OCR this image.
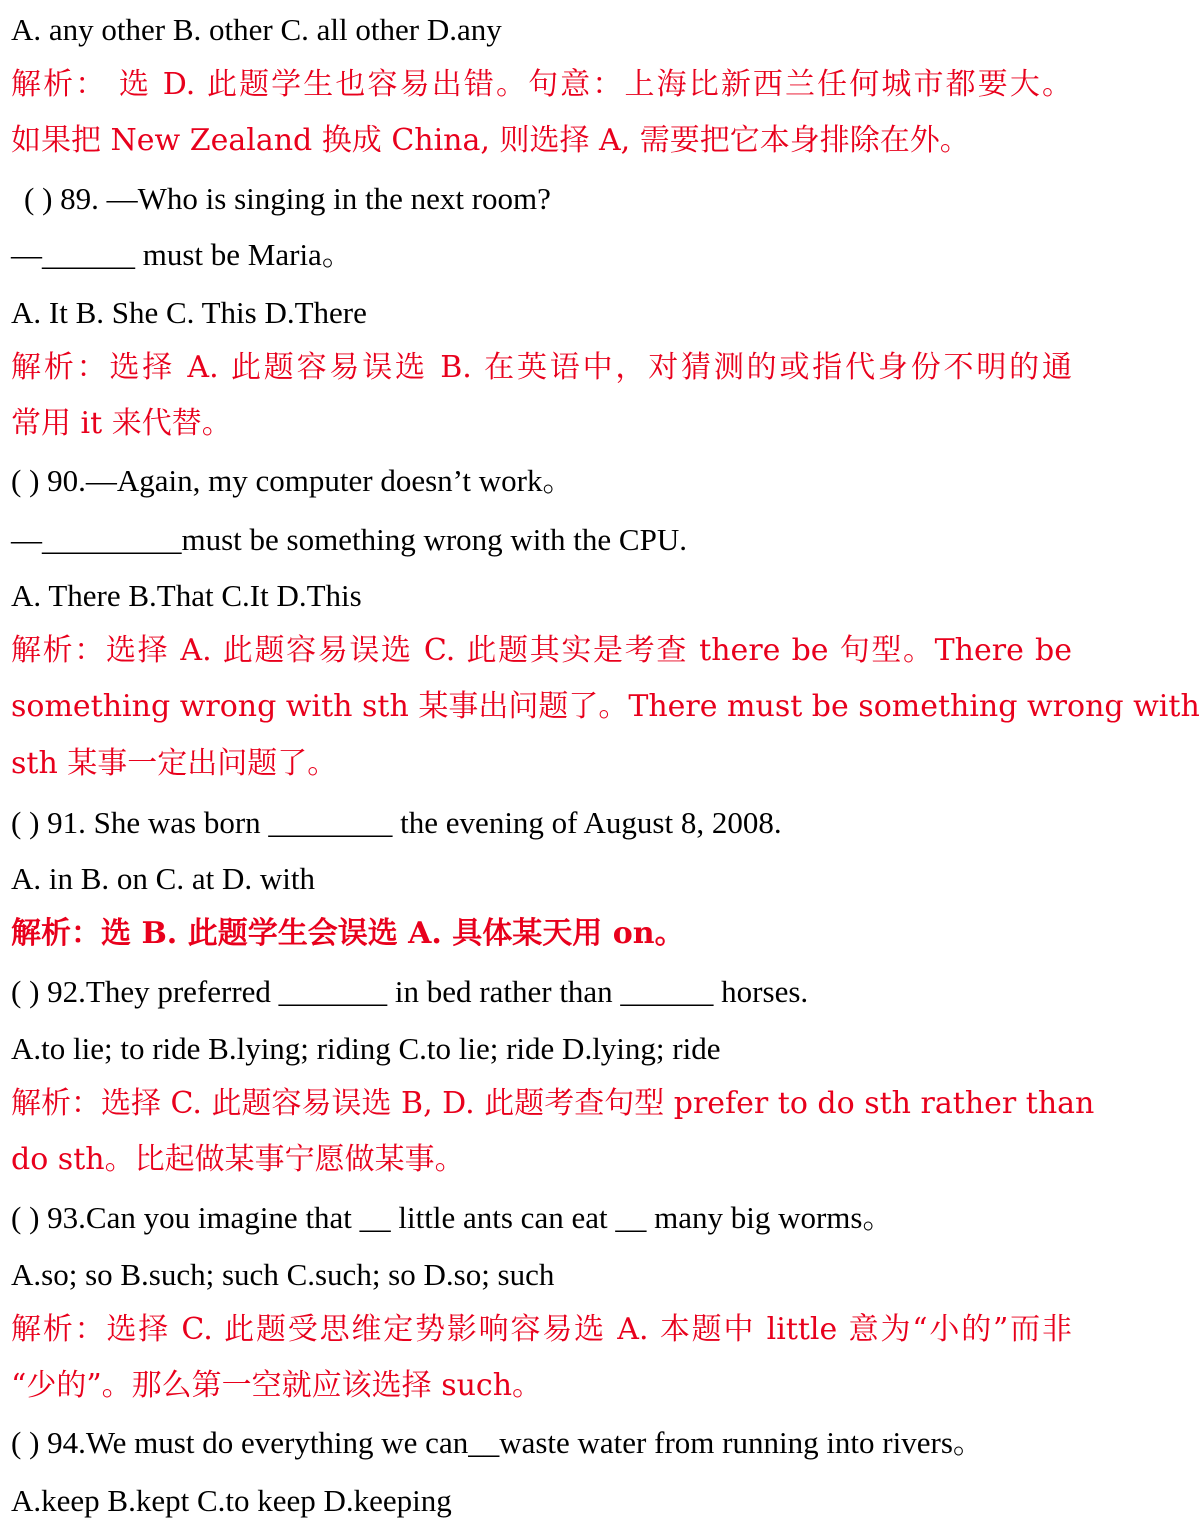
A. any other B. other C. all other D.any
解析： 选 D. 此题学生也容易出错。句意：上海比新西兰任何城市都要大。
如果把 New Zealand 换成 China, 则选择 A, 需要把它本身排除在外。
( ) 89. —Who is singing in the next room?
—______ must be Maria。
A. It B. She C. This D.There
解析：选择 A. 此题容易误选 B. 在英语中，对猜测的或指代身份不明的通
常用 it 来代替。
( ) 90.—Again, my computer doesn’t work。
—_________must be something wrong with the CPU.
A. There B.That C.It D.This
解析：选择 A. 此题容易误选 C. 此题其实是考查 there be 句型。There be
something wrong with sth 某事出问题了。There must be something wrong with
sth 某事一定出问题了。
( ) 91. She was born ________ the evening of August 8, 2008.
A. in B. on C. at D. with
解析：选 B. 此题学生会误选 A. 具体某天用 on。
( ) 92.They preferred _______ in bed rather than ______ horses.
A.to lie; to ride B.lying; riding C.to lie; ride D.lying; ride
解析：选择 C. 此题容易误选 B, D. 此题考查句型 prefer to do sth rather than
do sth。比起做某事宁愿做某事。
( ) 93.Can you imagine that __ little ants can eat __ many big worms。
A.so; so B.such; such C.such; so D.so; such
解析：选择 C. 此题受思维定势影响容易选 A. 本题中 little 意为“小的”而非
“少的”。那么第一空就应该选择 such。
( ) 94.We must do everything we can__waste water from running into rivers。
A.keep B.kept C.to keep D.keeping
